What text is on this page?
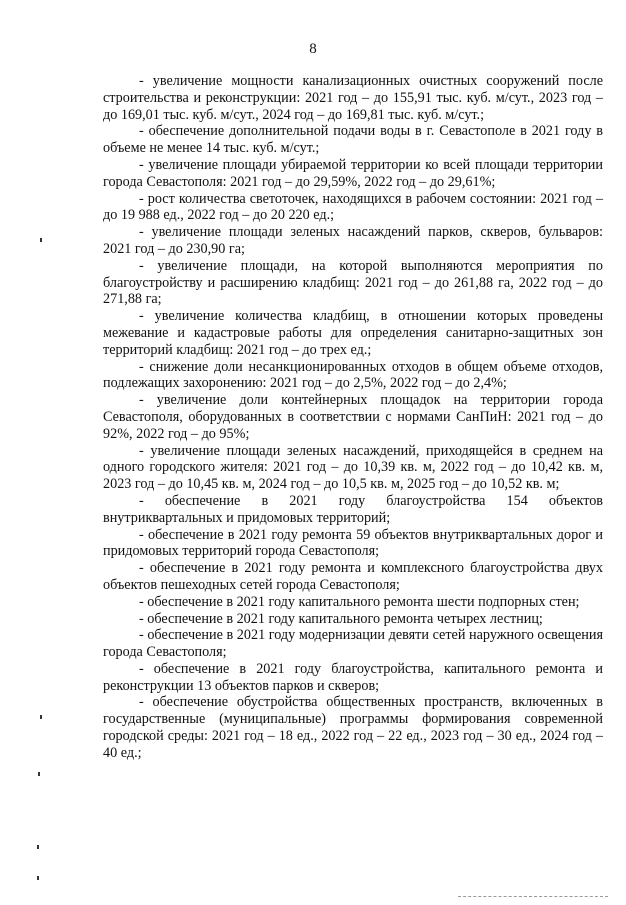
8

- увеличение мощности канализационных очистных сооружений после строительства и реконструкции: 2021 год – до 155,91 тыс. куб. м/сут., 2023 год – до 169,01 тыс. куб. м/сут., 2024 год – до 169,81 тыс. куб. м/сут.;

- обеспечение дополнительной подачи воды в г. Севастополе в 2021 году в объеме не менее 14 тыс. куб. м/сут.;

- увеличение площади убираемой территории ко всей площади территории города Севастополя: 2021 год – до 29,59%, 2022 год – до 29,61%;

- рост количества светоточек, находящихся в рабочем состоянии: 2021 год – до 19 988 ед., 2022 год – до 20 220 ед.;

- увеличение площади зеленых насаждений парков, скверов, бульваров: 2021 год – до 230,90 га;

- увеличение площади, на которой выполняются мероприятия по благоустройству и расширению кладбищ: 2021 год – до 261,88 га, 2022 год – до 271,88 га;

- увеличение количества кладбищ, в отношении которых проведены межевание и кадастровые работы для определения санитарно-защитных зон территорий кладбищ: 2021 год – до трех ед.;

- снижение доли несанкционированных отходов в общем объеме отходов, подлежащих захоронению: 2021 год – до 2,5%, 2022 год – до 2,4%;

- увеличение доли контейнерных площадок на территории города Севастополя, оборудованных в соответствии с нормами СанПиН: 2021 год – до 92%, 2022 год – до 95%;

- увеличение площади зеленых насаждений, приходящейся в среднем на одного городского жителя: 2021 год – до 10,39 кв. м, 2022 год – до 10,42 кв. м, 2023 год – до 10,45 кв. м, 2024 год – до 10,5 кв. м, 2025 год – до 10,52 кв. м;

- обеспечение в 2021 году благоустройства 154 объектов внутриквартальных и придомовых территорий;

- обеспечение в 2021 году ремонта 59 объектов внутриквартальных дорог и придомовых территорий города Севастополя;

- обеспечение в 2021 году ремонта и комплексного благоустройства двух объектов пешеходных сетей города Севастополя;

- обеспечение в 2021 году капитального ремонта шести подпорных стен;

- обеспечение в 2021 году капитального ремонта четырех лестниц;

- обеспечение в 2021 году модернизации девяти сетей наружного освещения города Севастополя;

- обеспечение в 2021 году благоустройства, капитального ремонта и реконструкции 13 объектов парков и скверов;

- обеспечение обустройства общественных пространств, включенных в государственные (муниципальные) программы формирования современной городской среды: 2021 год – 18 ед., 2022 год – 22 ед., 2023 год – 30 ед., 2024 год – 40 ед.;
